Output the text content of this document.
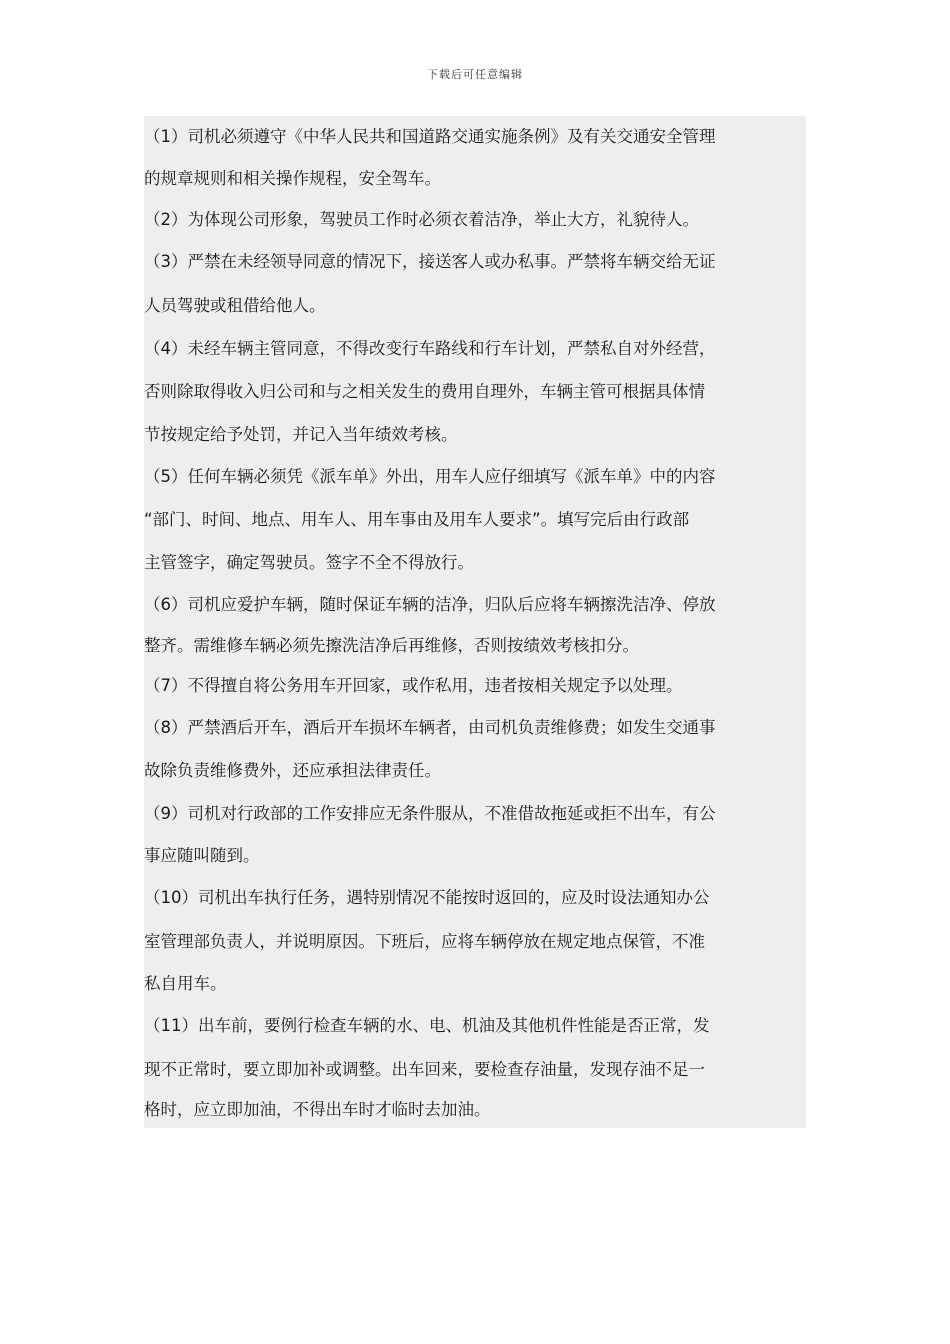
下载后可任意编辑
（1）司机必须遵守《中华人民共和国道路交通实施条例》及有关交通安全管理
的规章规则和相关操作规程，安全驾车。
（2）为体现公司形象，驾驶员工作时必须衣着洁净，举止大方，礼貌待人。
（3）严禁在未经领导同意的情况下，接送客人或办私事。严禁将车辆交给无证
人员驾驶或租借给他人。
（4）未经车辆主管同意，不得改变行车路线和行车计划，严禁私自对外经营，
否则除取得收入归公司和与之相关发生的费用自理外，车辆主管可根据具体情
节按规定给予处罚，并记入当年绩效考核。
（5）任何车辆必须凭《派车单》外出，用车人应仔细填写《派车单》中的内容
“部门、时间、地点、用车人、用车事由及用车人要求”。填写完后由行政部
主管签字，确定驾驶员。签字不全不得放行。
（6）司机应爱护车辆，随时保证车辆的洁净，归队后应将车辆擦洗洁净、停放
整齐。需维修车辆必须先擦洗洁净后再维修，否则按绩效考核扣分。
（7）不得擅自将公务用车开回家，或作私用，违者按相关规定予以处理。
（8）严禁酒后开车，酒后开车损坏车辆者，由司机负责维修费；如发生交通事
故除负责维修费外，还应承担法律责任。
（9）司机对行政部的工作安排应无条件服从，不准借故拖延或拒不出车，有公
事应随叫随到。
（10）司机出车执行任务，遇特别情况不能按时返回的，应及时设法通知办公
室管理部负责人，并说明原因。下班后，应将车辆停放在规定地点保管，不准
私自用车。
（11）出车前，要例行检查车辆的水、电、机油及其他机件性能是否正常，发
现不正常时，要立即加补或调整。出车回来，要检查存油量，发现存油不足一
格时，应立即加油，不得出车时才临时去加油。
